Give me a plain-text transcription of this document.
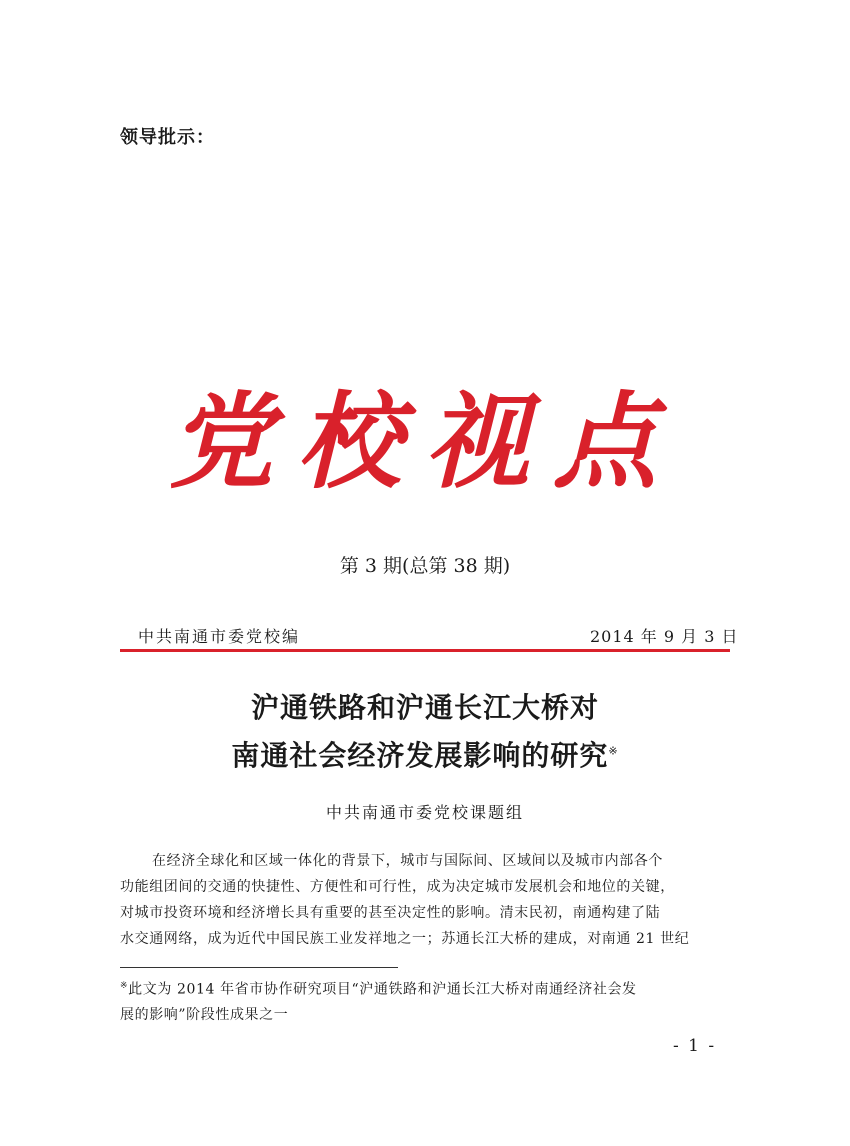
领导批示：
党校视点
第 3 期(总第 38 期)
中共南通市委党校编	2014 年 9 月 3 日
沪通铁路和沪通长江大桥对
南通社会经济发展影响的研究※
中共南通市委党校课题组
在经济全球化和区域一体化的背景下，城市与国际间、区域间以及城市内部各个
功能组团间的交通的快捷性、方便性和可行性，成为决定城市发展机会和地位的关键，
对城市投资环境和经济增长具有重要的甚至决定性的影响。清末民初，南通构建了陆
水交通网络，成为近代中国民族工业发祥地之一；苏通长江大桥的建成，对南通 21 世纪
※此文为 2014 年省市协作研究项目“沪通铁路和沪通长江大桥对南通经济社会发
展的影响”阶段性成果之一
- 1 -
